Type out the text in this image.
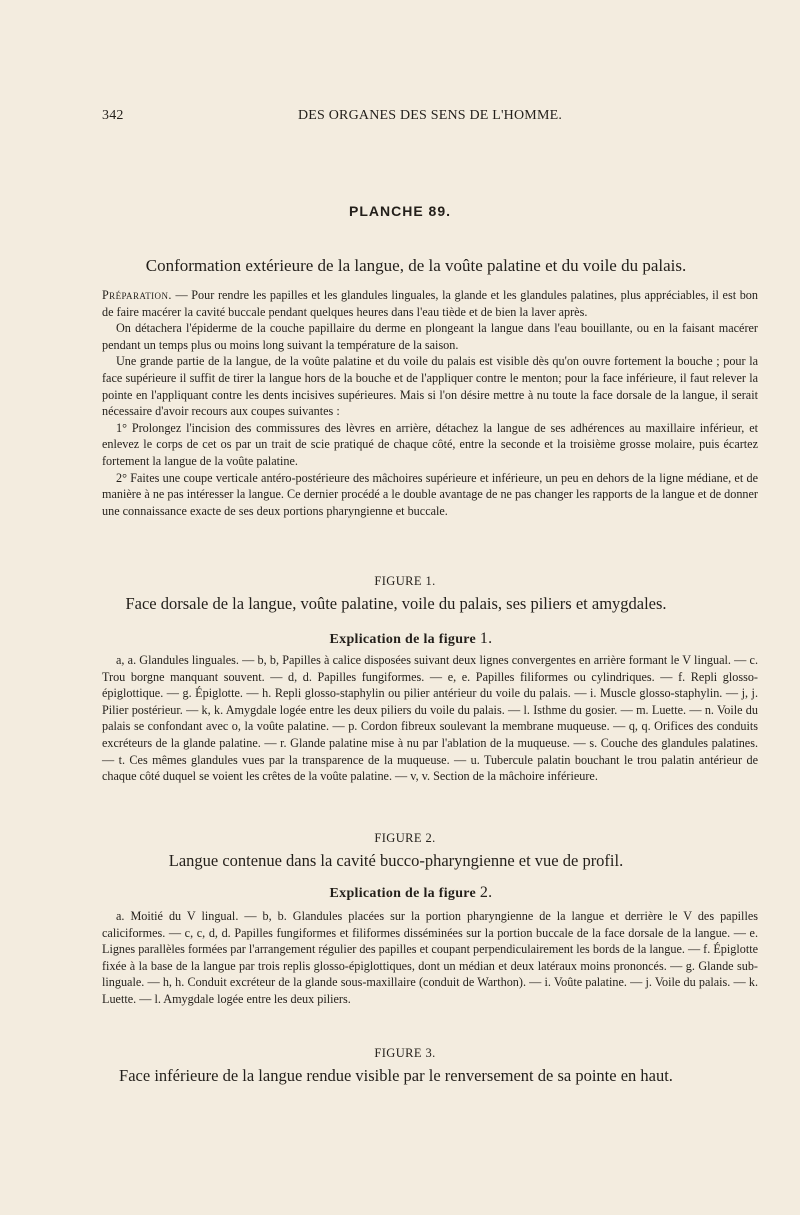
342	DES ORGANES DES SENS DE L'HOMME.
PLANCHE 89.
Conformation extérieure de la langue, de la voûte palatine et du voile du palais.

Préparation. — Pour rendre les papilles et les glandules linguales, la glande et les glandules palatines, plus appréciables, il est bon de faire macérer la cavité buccale pendant quelques heures dans l'eau tiède et de bien la laver après.

On détachera l'épiderme de la couche papillaire du derme en plongeant la langue dans l'eau bouillante, ou en la faisant macérer pendant un temps plus ou moins long suivant la température de la saison.

Une grande partie de la langue, de la voûte palatine et du voile du palais est visible dès qu'on ouvre fortement la bouche ; pour la face supérieure il suffit de tirer la langue hors de la bouche et de l'appliquer contre le menton; pour la face inférieure, il faut relever la pointe en l'appliquant contre les dents incisives supérieures. Mais si l'on désire mettre à nu toute la face dorsale de la langue, il serait nécessaire d'avoir recours aux coupes suivantes :

1° Prolongez l'incision des commissures des lèvres en arrière, détachez la langue de ses adhérences au maxillaire inférieur, et enlevez le corps de cet os par un trait de scie pratiqué de chaque côté, entre la seconde et la troisième grosse molaire, puis écartez fortement la langue de la voûte palatine.

2° Faites une coupe verticale antéro-postérieure des mâchoires supérieure et inférieure, un peu en dehors de la ligne médiane, et de manière à ne pas intéresser la langue. Ce dernier procédé a le double avantage de ne pas changer les rapports de la langue et de donner une connaissance exacte de ses deux portions pharyngienne et buccale.

FIGURE 1.
Face dorsale de la langue, voûte palatine, voile du palais, ses piliers et amygdales.
Explication de la figure 1.

a, a. Glandules linguales. — b, b, Papilles à calice disposées suivant deux lignes convergentes en arrière formant le V lingual. — c. Trou borgne manquant souvent. — d, d. Papilles fungiformes. — e, e. Papilles filiformes ou cylindriques. — f. Repli glosso-épiglottique. — g. Épiglotte. — h. Repli glosso-staphylin ou pilier antérieur du voile du palais. — i. Muscle glosso-staphylin. — j, j. Pilier postérieur. — k, k. Amygdale logée entre les deux piliers du voile du palais. — l. Isthme du gosier. — m. Luette. — n. Voile du palais se confondant avec o, la voûte palatine. — p. Cordon fibreux soulevant la membrane muqueuse. — q, q. Orifices des conduits excréteurs de la glande palatine. — r. Glande palatine mise à nu par l'ablation de la muqueuse. — s. Couche des glandules palatines. — t. Ces mêmes glandules vues par la transparence de la muqueuse. — u. Tubercule palatin bouchant le trou palatin antérieur de chaque côté duquel se voient les crêtes de la voûte palatine. — v, v. Section de la mâchoire inférieure.

FIGURE 2.
Langue contenue dans la cavité bucco-pharyngienne et vue de profil.
Explication de la figure 2.

a. Moitié du V lingual. — b, b. Glandules placées sur la portion pharyngienne de la langue et derrière le V des papilles caliciformes. — c, c, d, d. Papilles fungiformes et filiformes disséminées sur la portion buccale de la face dorsale de la langue. — e. Lignes parallèles formées par l'arrangement régulier des papilles et coupant perpendiculairement les bords de la langue. — f. Épiglotte fixée à la base de la langue par trois replis glosso-épiglottiques, dont un médian et deux latéraux moins prononcés. — g. Glande sub-linguale. — h, h. Conduit excréteur de la glande sous-maxillaire (conduit de Warthon). — i. Voûte palatine. — j. Voile du palais. — k. Luette. — l. Amygdale logée entre les deux piliers.

FIGURE 3.
Face inférieure de la langue rendue visible par le renversement de sa pointe en haut.
